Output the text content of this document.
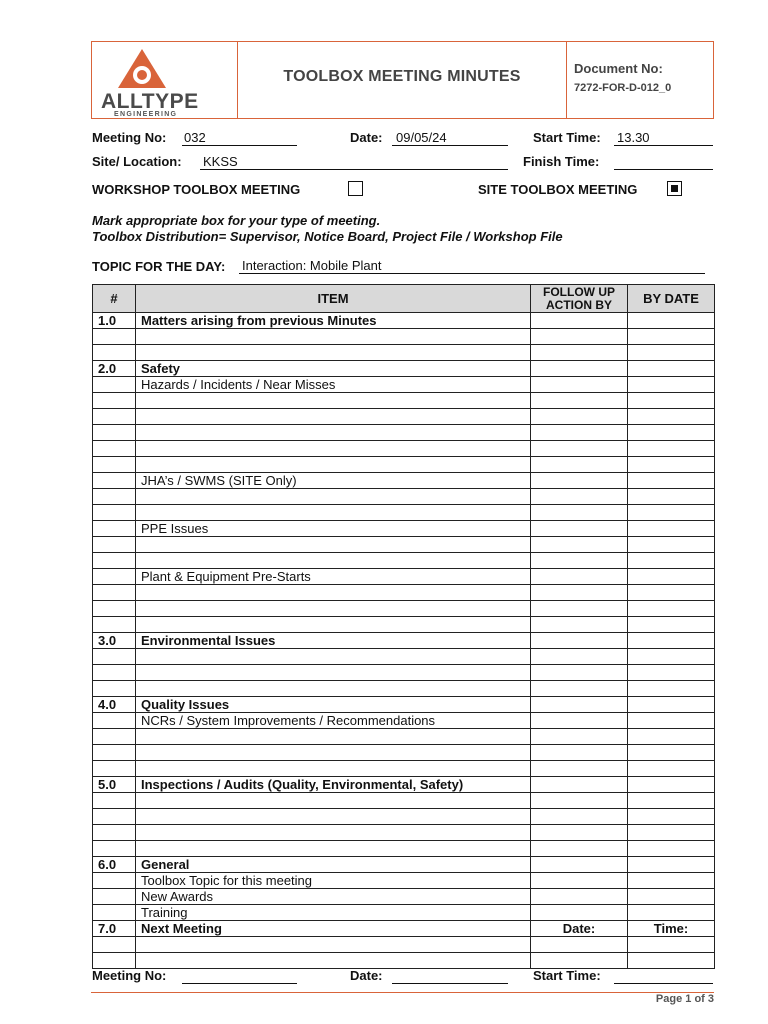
ALLTYPE
ENGINEERING
TOOLBOX MEETING MINUTES	Document No:
7272-FOR-D-012_0
Meeting No: 032	Date: 09/05/24	Start Time: 13.30
Site/ Location: KKSS	Finish Time:
WORKSHOP TOOLBOX MEETING	SITE TOOLBOX MEETING
Mark appropriate box for your type of meeting.
Toolbox Distribution= Supervisor, Notice Board, Project File / Workshop File
TOPIC FOR THE DAY: Interaction: Mobile Plant
#	ITEM	FOLLOW UP ACTION BY	BY DATE
1.0	Matters arising from previous Minutes		

2.0	Safety		
	Hazards / Incidents / Near Misses		

	JHA’s / SWMS (SITE Only)		

	PPE Issues		

	Plant & Equipment Pre-Starts		

3.0	Environmental Issues		

4.0	Quality Issues		
	NCRs / System Improvements / Recommendations		

5.0	Inspections / Audits (Quality, Environmental, Safety)		

6.0	General		
	Toolbox Topic for this meeting		
	New Awards		
	Training		
7.0	Next Meeting	Date:	Time:

Meeting No:	Date:	Start Time:
Page 1 of 3
